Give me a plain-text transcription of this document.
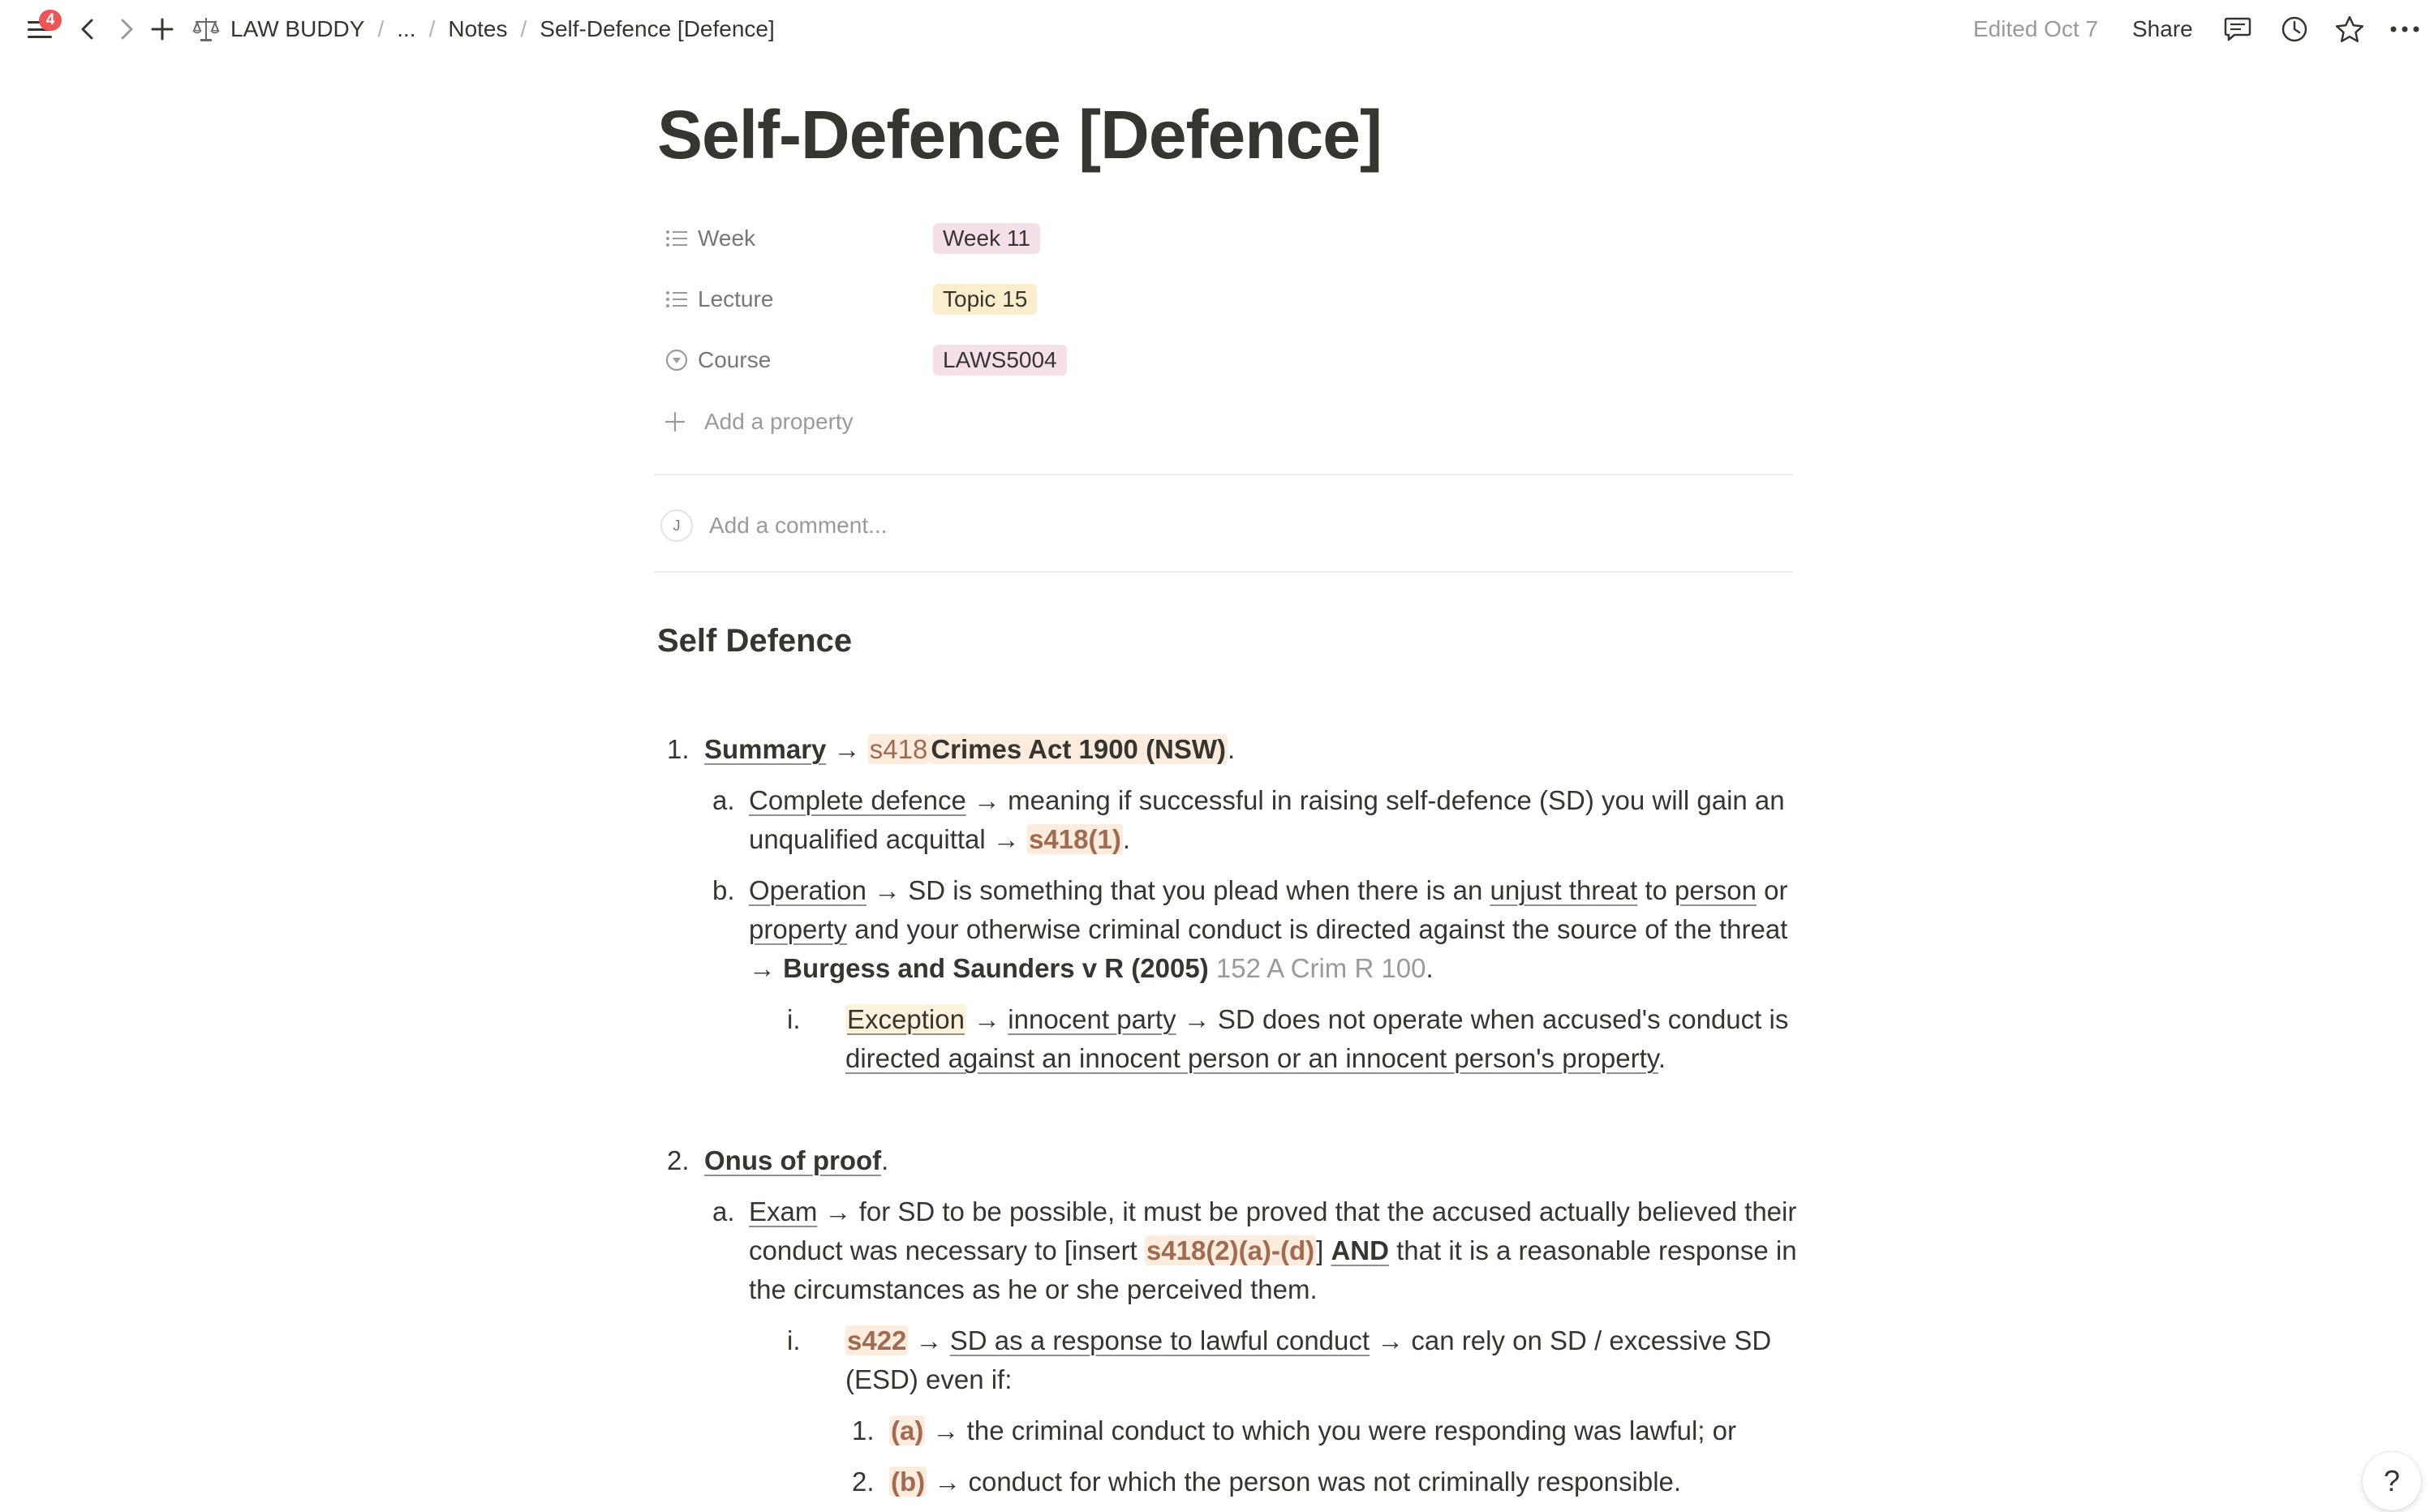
4	LAW BUDDY / ... / Notes / Self-Defence [Defence]	Edited Oct 7 Share
Self-Defence [Defence]
Week	Week 11
Lecture	Topic 15
Course	LAWS5004
Add a property
J	Add a comment...
Self Defence
1. Summary → s418 Crimes Act 1900 (NSW).
a. Complete defence → meaning if successful in raising self-defence (SD) you will gain an
unqualified acquittal → s418(1).
b. Operation → SD is something that you plead when there is an unjust threat to person or
property and your otherwise criminal conduct is directed against the source of the threat
→ Burgess and Saunders v R (2005) 152 A Crim R 100.
i. Exception → innocent party → SD does not operate when accused's conduct is
directed against an innocent person or an innocent person's property.
2. Onus of proof.
a. Exam → for SD to be possible, it must be proved that the accused actually believed their
conduct was necessary to [insert s418(2)(a)-(d)] AND that it is a reasonable response in
the circumstances as he or she perceived them.
i. s422 → SD as a response to lawful conduct → can rely on SD / excessive SD
(ESD) even if:
1. (a) → the criminal conduct to which you were responding was lawful; or
2. (b) → conduct for which the person was not criminally responsible.	?
